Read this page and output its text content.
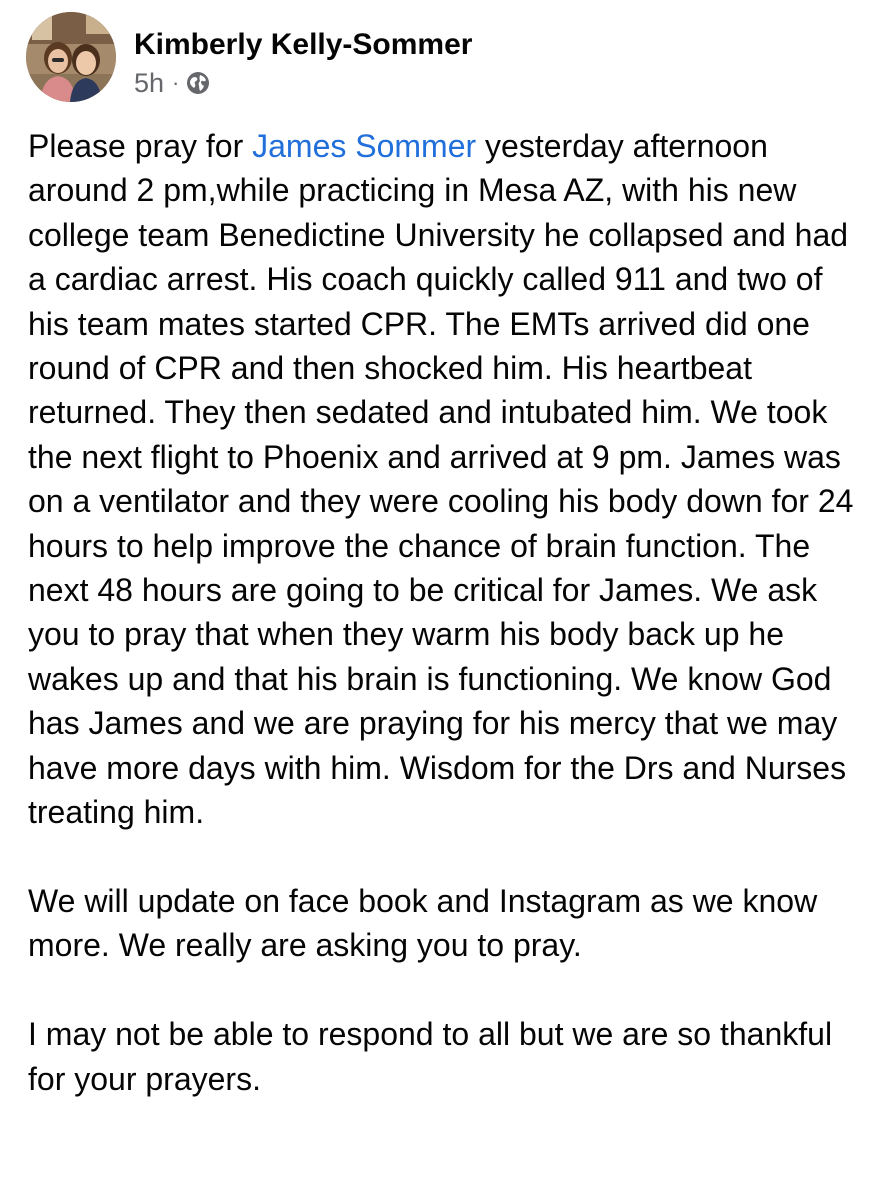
Kimberly Kelly-Sommer
5h ·

Please pray for James Sommer yesterday afternoon around 2 pm,while practicing in Mesa AZ, with his new college team Benedictine University he collapsed and had a cardiac arrest. His coach quickly called 911 and two of his team mates started CPR. The EMTs arrived did one round of CPR and then shocked him. His heartbeat returned. They then sedated and intubated him. We took the next flight to Phoenix and arrived at 9 pm. James was on a ventilator and they were cooling his body down for 24 hours to help improve the chance of brain function. The next 48 hours are going to be critical for James. We ask you to pray that when they warm his body back up he wakes up and that his brain is functioning. We know God has James and we are praying for his mercy that we may have more days with him. Wisdom for the Drs and Nurses treating him.

We will update on face book and Instagram as we know more. We really are asking you to pray.

I may not be able to respond to all but we are so thankful for your prayers.
